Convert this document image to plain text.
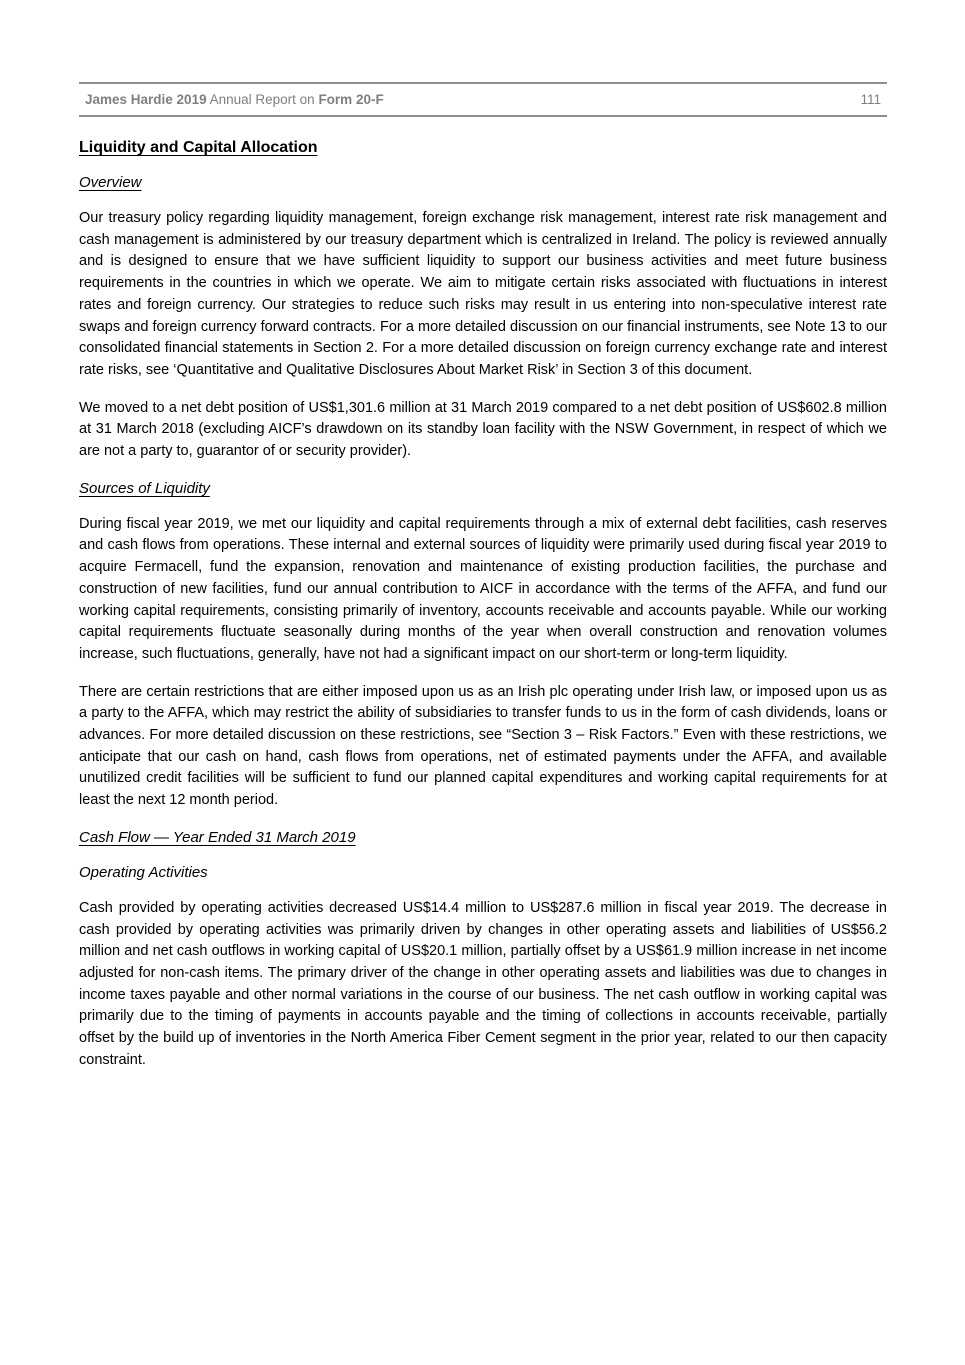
James Hardie 2019 Annual Report on Form 20-F	111
Liquidity and Capital Allocation
Overview

Our treasury policy regarding liquidity management, foreign exchange risk management, interest rate risk management and cash management is administered by our treasury department which is centralized in Ireland. The policy is reviewed annually and is designed to ensure that we have sufficient liquidity to support our business activities and meet future business requirements in the countries in which we operate. We aim to mitigate certain risks associated with fluctuations in interest rates and foreign currency. Our strategies to reduce such risks may result in us entering into non-speculative interest rate swaps and foreign currency forward contracts. For a more detailed discussion on our financial instruments, see Note 13 to our consolidated financial statements in Section 2. For a more detailed discussion on foreign currency exchange rate and interest rate risks, see ‘Quantitative and Qualitative Disclosures About Market Risk’ in Section 3 of this document.

We moved to a net debt position of US$1,301.6 million at 31 March 2019 compared to a net debt position of US$602.8 million at 31 March 2018 (excluding AICF’s drawdown on its standby loan facility with the NSW Government, in respect of which we are not a party to, guarantor of or security provider).

Sources of Liquidity

During fiscal year 2019, we met our liquidity and capital requirements through a mix of external debt facilities, cash reserves and cash flows from operations. These internal and external sources of liquidity were primarily used during fiscal year 2019 to acquire Fermacell, fund the expansion, renovation and maintenance of existing production facilities, the purchase and construction of new facilities, fund our annual contribution to AICF in accordance with the terms of the AFFA, and fund our working capital requirements, consisting primarily of inventory, accounts receivable and accounts payable. While our working capital requirements fluctuate seasonally during months of the year when overall construction and renovation volumes increase, such fluctuations, generally, have not had a significant impact on our short-term or long-term liquidity.

There are certain restrictions that are either imposed upon us as an Irish plc operating under Irish law, or imposed upon us as a party to the AFFA, which may restrict the ability of subsidiaries to transfer funds to us in the form of cash dividends, loans or advances. For more detailed discussion on these restrictions, see “Section 3 – Risk Factors.” Even with these restrictions, we anticipate that our cash on hand, cash flows from operations, net of estimated payments under the AFFA, and available unutilized credit facilities will be sufficient to fund our planned capital expenditures and working capital requirements for at least the next 12 month period.

Cash Flow — Year Ended 31 March 2019
Operating Activities

Cash provided by operating activities decreased US$14.4 million to US$287.6 million in fiscal year 2019. The decrease in cash provided by operating activities was primarily driven by changes in other operating assets and liabilities of US$56.2 million and net cash outflows in working capital of US$20.1 million, partially offset by a US$61.9 million increase in net income adjusted for non-cash items. The primary driver of the change in other operating assets and liabilities was due to changes in income taxes payable and other normal variations in the course of our business. The net cash outflow in working capital was primarily due to the timing of payments in accounts payable and the timing of collections in accounts receivable, partially offset by the build up of inventories in the North America Fiber Cement segment in the prior year, related to our then capacity constraint.
